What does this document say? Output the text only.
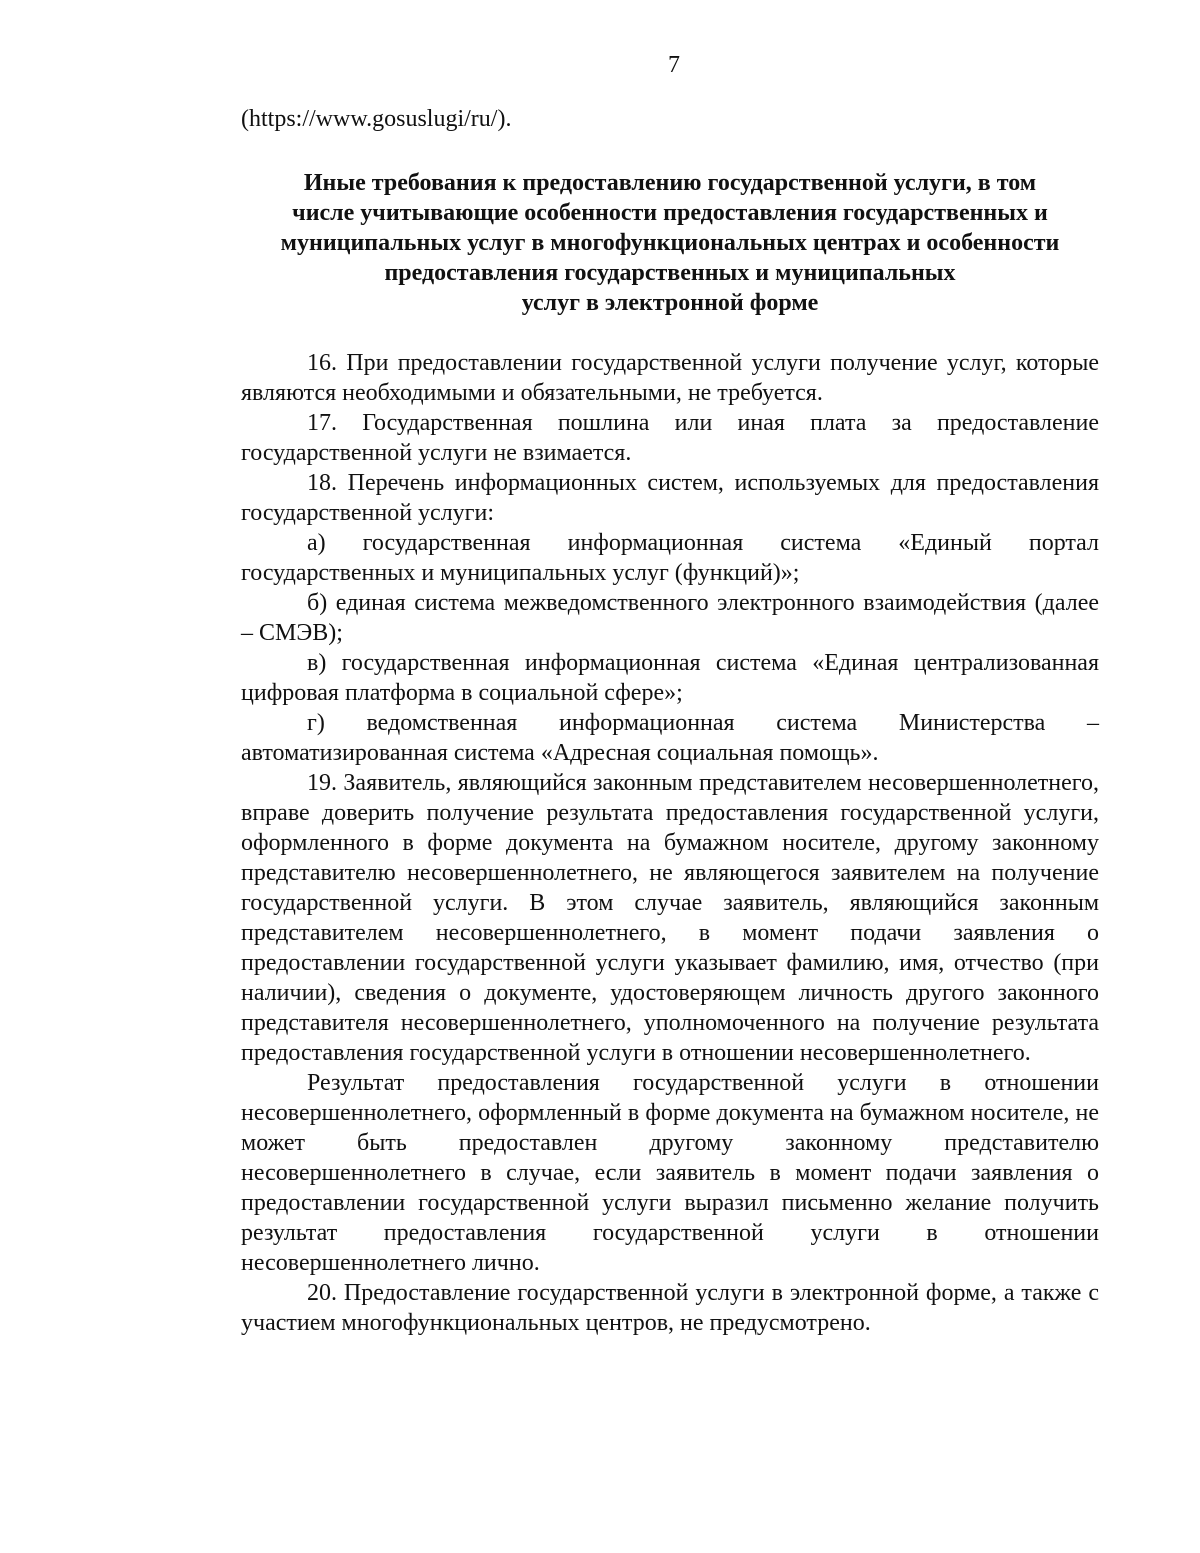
7

(https://www.gosuslugi/ru/).

Иные требования к предоставлению государственной услуги, в том
числе учитывающие особенности предоставления государственных и
муниципальных услуг в многофункциональных центрах и особенности
предоставления государственных и муниципальных
услуг в электронной форме

16. При предоставлении государственной услуги получение услуг, которые являются необходимыми и обязательными, не требуется.

17. Государственная пошлина или иная плата за предоставление государственной услуги не взимается.

18. Перечень информационных систем, используемых для предоставления государственной услуги:

а) государственная информационная система «Единый портал государственных и муниципальных услуг (функций)»;

б) единая система межведомственного электронного взаимодействия (далее – СМЭВ);

в) государственная информационная система «Единая централизованная цифровая платформа в социальной сфере»;

г) ведомственная информационная система Министерства – автоматизированная система «Адресная социальная помощь».

19. Заявитель, являющийся законным представителем несовершеннолетнего, вправе доверить получение результата предоставления государственной услуги, оформленного в форме документа на бумажном носителе, другому законному представителю несовершеннолетнего, не являющегося заявителем на получение государственной услуги. В этом случае заявитель, являющийся законным представителем несовершеннолетнего, в момент подачи заявления о предоставлении государственной услуги указывает фамилию, имя, отчество (при наличии), сведения о документе, удостоверяющем личность другого законного представителя несовершеннолетнего, уполномоченного на получение результата предоставления государственной услуги в отношении несовершеннолетнего.

Результат предоставления государственной услуги в отношении несовершеннолетнего, оформленный в форме документа на бумажном носителе, не может быть предоставлен другому законному представителю несовершеннолетнего в случае, если заявитель в момент подачи заявления о предоставлении государственной услуги выразил письменно желание получить результат предоставления государственной услуги в отношении несовершеннолетнего лично.

20. Предоставление государственной услуги в электронной форме, а также с участием многофункциональных центров, не предусмотрено.
